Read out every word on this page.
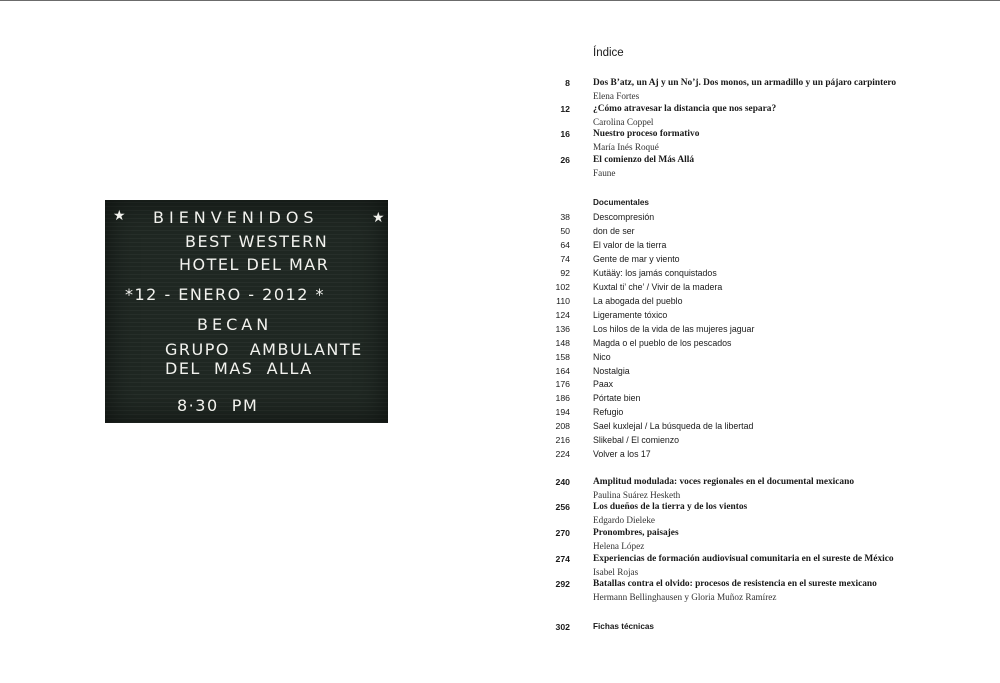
★	★
BIENVENIDOS
BEST WESTERN
HOTEL DEL MAR
*12 - ENERO - 2012 *
BECAN
GRUPO   AMBULANTE
DEL  MAS  ALLA
8·30  PM
Índice
8 Dos B’atz, un Aj y un No’j. Dos monos, un armadillo y un pájaro carpintero
Elena Fortes
12 ¿Cómo atravesar la distancia que nos separa?
Carolina Coppel
16 Nuestro proceso formativo
María Inés Roqué
26 El comienzo del Más Allá
Faune
Documentales
38	Descompresión
50	don de ser
64	El valor de la tierra
74	Gente de mar y viento
92	Kutääy: los jamás conquistados
102	Kuxtal ti’ che’ / Vivir de la madera
110	La abogada del pueblo
124	Ligeramente tóxico
136	Los hilos de la vida de las mujeres jaguar
148	Magda o el pueblo de los pescados
158	Nico
164	Nostalgia
176	Paax
186	Pórtate bien
194	Refugio
208	Sael kuxlejal / La búsqueda de la libertad
216	Slikebal / El comienzo
224	Volver a los 17
240 Amplitud modulada: voces regionales en el documental mexicano
Paulina Suárez Hesketh
256 Los dueños de la tierra y de los vientos
Edgardo Dieleke
270 Pronombres, paisajes
Helena López
274 Experiencias de formación audiovisual comunitaria en el sureste de México
Isabel Rojas
292 Batallas contra el olvido: procesos de resistencia en el sureste mexicano
Hermann Bellinghausen y Gloria Muñoz Ramírez
302	Fichas técnicas
